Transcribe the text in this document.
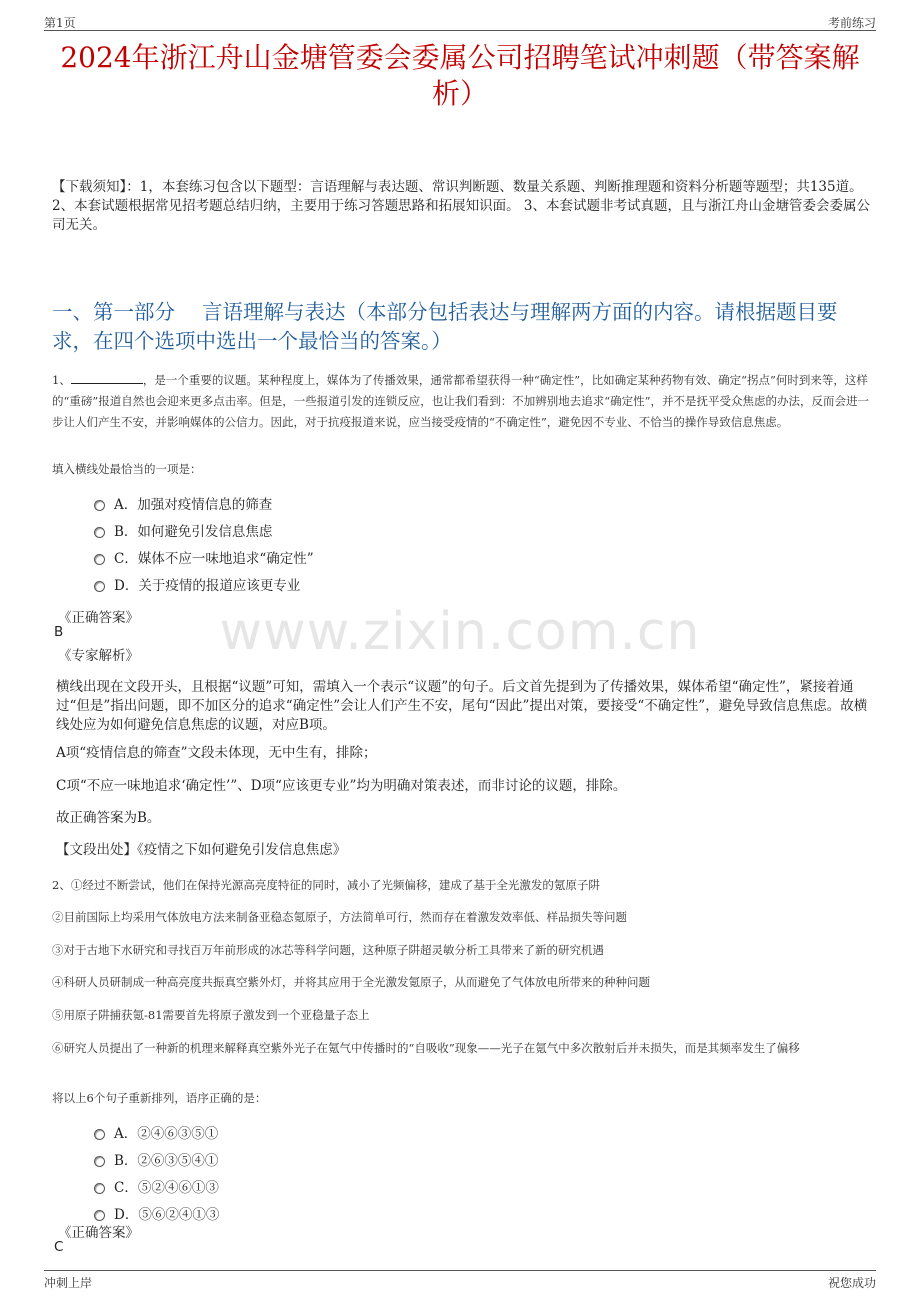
第1页	考前练习
2024年浙江舟山金塘管委会委属公司招聘笔试冲刺题（带答案解析）
【下载须知】：1，本套练习包含以下题型：言语理解与表达题、常识判断题、数量关系题、判断推理题和资料分析题等题型；共135道。 2、本套试题根据常见招考题总结归纳，主要用于练习答题思路和拓展知识面。 3、本套试题非考试真题，且与浙江舟山金塘管委会委属公司无关。
一、第一部分　 言语理解与表达（本部分包括表达与理解两方面的内容。请根据题目要求，在四个选项中选出一个最恰当的答案。）
1、	，是一个重要的议题。某种程度上，媒体为了传播效果，通常都希望获得一种“确定性”，比如确定某种药物有效、确定“拐点”何时到来等，这样的“重磅”报道自然也会迎来更多点击率。但是，一些报道引发的连锁反应，也让我们看到：不加辨别地去追求“确定性”，并不是抚平受众焦虑的办法，反而会进一步让人们产生不安，并影响媒体的公信力。因此，对于抗疫报道来说，应当接受疫情的“不确定性”，避免因不专业、不恰当的操作导致信息焦虑。
填入横线处最恰当的一项是：
A．加强对疫情信息的筛查
B．如何避免引发信息焦虑
C．媒体不应一味地追求“确定性”
D．关于疫情的报道应该更专业
www.zixin.com.cn
《正确答案》
B
《专家解析》
横线出现在文段开头，且根据“议题”可知，需填入一个表示“议题”的句子。后文首先提到为了传播效果，媒体希望“确定性”，紧接着通过“但是”指出问题，即不加区分的追求“确定性”会让人们产生不安，尾句“因此”提出对策，要接受“不确定性”，避免导致信息焦虑。故横线处应为如何避免信息焦虑的议题，对应B项。
A项“疫情信息的筛查”文段未体现，无中生有，排除；
C项“不应一味地追求‘确定性’”、D项“应该更专业”均为明确对策表述，而非讨论的议题，排除。
故正确答案为B。
【文段出处】《疫情之下如何避免引发信息焦虑》
2、①经过不断尝试，他们在保持光源高亮度特征的同时，减小了光频偏移，建成了基于全光激发的氪原子阱
②目前国际上均采用气体放电方法来制备亚稳态氪原子，方法简单可行，然而存在着激发效率低、样品损失等问题
③对于古地下水研究和寻找百万年前形成的冰芯等科学问题，这种原子阱超灵敏分析工具带来了新的研究机遇
④科研人员研制成一种高亮度共振真空紫外灯，并将其应用于全光激发氪原子，从而避免了气体放电所带来的种种问题
⑤用原子阱捕获氪-81需要首先将原子激发到一个亚稳量子态上
⑥研究人员提出了一种新的机理来解释真空紫外光子在氪气中传播时的“自吸收”现象——光子在氪气中多次散射后并未损失，而是其频率发生了偏移
将以上6个句子重新排列，语序正确的是：
A．②④⑥③⑤①
B．②⑥③⑤④①
C．⑤②④⑥①③
D．⑤⑥②④①③
《正确答案》
C
冲刺上岸	祝您成功
